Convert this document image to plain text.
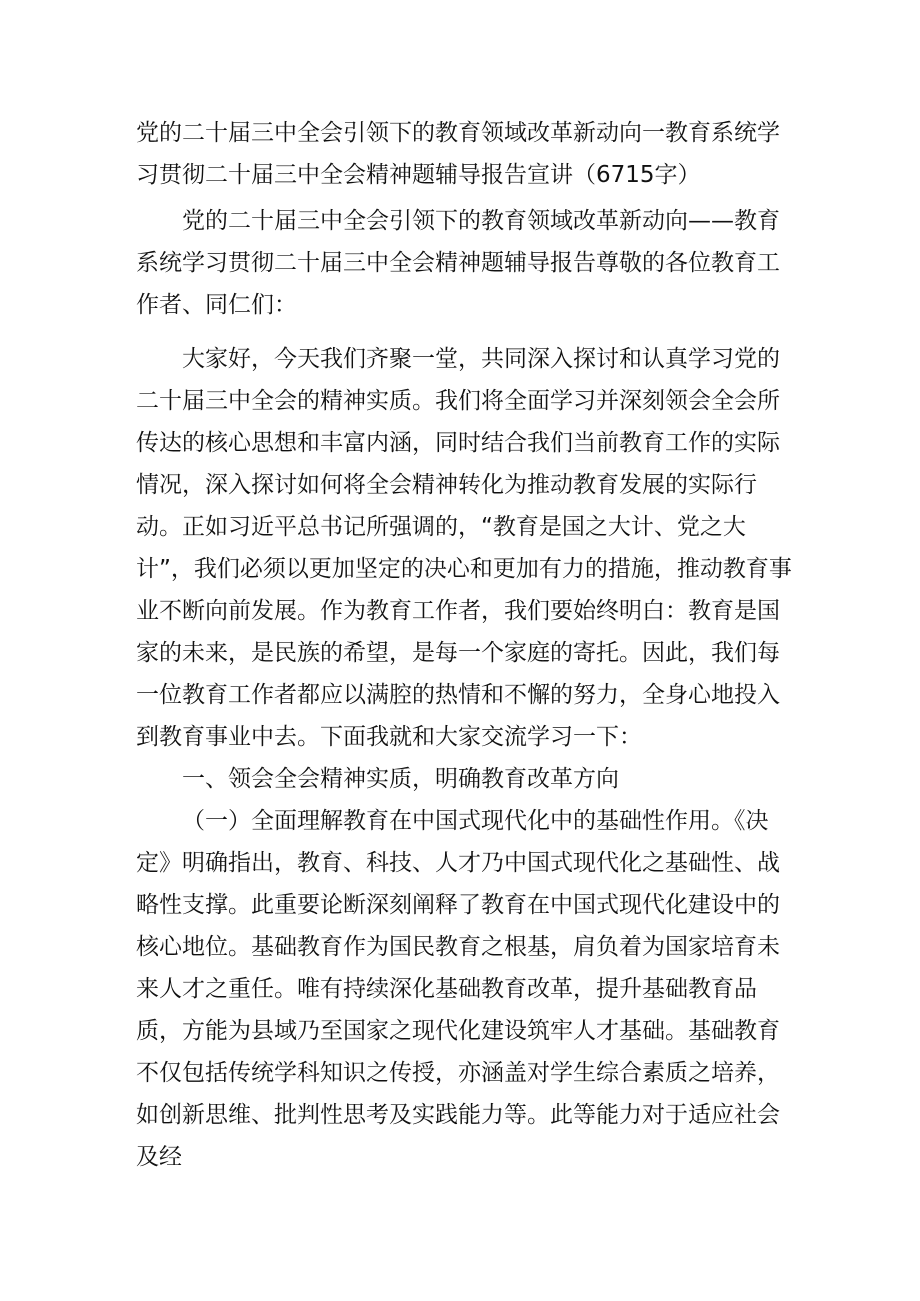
党的二十届三中全会引领下的教育领域改革新动向一教育系统学习贯彻二十届三中全会精神题辅导报告宣讲（6715字）

党的二十届三中全会引领下的教育领域改革新动向——教育系统学习贯彻二十届三中全会精神题辅导报告尊敬的各位教育工作者、同仁们：

大家好，今天我们齐聚一堂，共同深入探讨和认真学习党的二十届三中全会的精神实质。我们将全面学习并深刻领会全会所传达的核心思想和丰富内涵，同时结合我们当前教育工作的实际情况，深入探讨如何将全会精神转化为推动教育发展的实际行动。正如习近平总书记所强调的，“教育是国之大计、党之大计”，我们必须以更加坚定的决心和更加有力的措施，推动教育事业不断向前发展。作为教育工作者，我们要始终明白：教育是国家的未来，是民族的希望，是每一个家庭的寄托。因此，我们每一位教育工作者都应以满腔的热情和不懈的努力，全身心地投入到教育事业中去。下面我就和大家交流学习一下：

一、领会全会精神实质，明确教育改革方向

（一）全面理解教育在中国式现代化中的基础性作用。《决定》明确指出，教育、科技、人才乃中国式现代化之基础性、战略性支撑。此重要论断深刻阐释了教育在中国式现代化建设中的核心地位。基础教育作为国民教育之根基，肩负着为国家培育未来人才之重任。唯有持续深化基础教育改革，提升基础教育品质，方能为县域乃至国家之现代化建设筑牢人才基础。基础教育不仅包括传统学科知识之传授，亦涵盖对学生综合素质之培养，如创新思维、批判性思考及实践能力等。此等能力对于适应社会及经
